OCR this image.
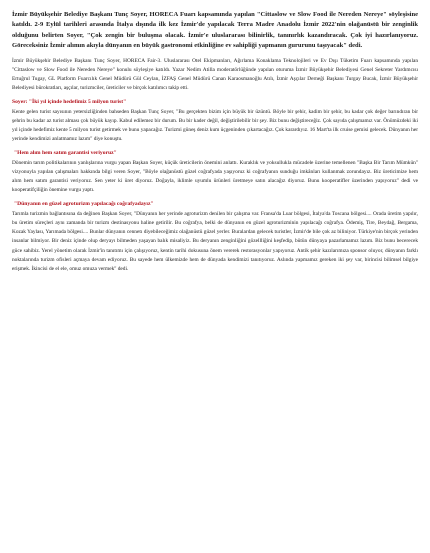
İzmir Büyükşehir Belediye Başkanı Tunç Soyer, HORECA Fuarı kapsamında yapılan "Cittaslow ve Slow Food ile Nereden Nereye" söyleşisine katıldı. 2-9 Eylül tarihleri arasında İtalya dışında ilk kez İzmir'de yapılacak Terra Madre Anadolu İzmir 2022'nin olağanüstü bir zenginlik olduğunu belirten Soyer, "Çok zengin bir buluşma olacak. İzmir'e uluslararası bilinirlik, tanınırlık kazandıracak. Çok iyi hazırlanıyoruz. Göreceksiniz İzmir alımın akıyla dünyanın en büyük gastronomi etkinliğine ev sahipliği yapmanın gururunu taşıyacak" dedi.

İzmir Büyükşehir Belediye Başkanı Tunç Soyer, HORECA Fair-3. Uluslararası Otel Ekipmanları, Ağırlama Konaklama Teknolojileri ve Ev Dışı Tüketim Fuarı kapsamında yapılan "Cittaslow ve Slow Food ile Nereden Nereye" konulu söyleşiye katıldı. Yazar Nedim Atilla moderatörlüğünde yapılan oturuma İzmir Büyükşehir Belediyesi Genel Sekreter Yardımcısı Ertuğrul Tugay, GL Platform Fuarcılık Genel Müdürü Gül Ceylan, İZFAŞ Genel Müdürü Canan Karaosmanoğlu Atılı, İzmir Aşçılar Derneği Başkanı Turgay Bucak, İzmir Büyükşehir Belediyesi bürokratları, aşçılar, turizmciler, üreticiler ve birçok katılımcı takip etti.

Soyer: "İki yıl içinde hedefimiz 5 milyon turist"

Kente gelen turist sayısının yetersizliğinden bahseden Başkan Tunç Soyer, "Bu gerçekten bizim için büyük bir üzüntü. Böyle bir şehir, kadim bir şehir, bu kadar çok değer barındıran bir şehrin bu kadar az turist alması çok büyük kayıp. Kabul edilemez bir durum. Bu bir kader değil, değiştirilebilir bir şey. Biz bunu değiştireceğiz. Çok sayıda çalışmamız var. Önümüzdeki iki yıl içinde hedefimiz kente 5 milyon turist getirmek ve bunu yapacağız. Turizmi güneş deniz kum üçgeninden çıkartacağız. Çok karardıyız. 16 Mart'ta ilk cruise gemisi gelecek. Dünyanın her yerinde kendimizi anlatmamız lazım" diye konuştu.

"Hem alım hem satım garantisi veriyoruz"

Dönemin tarım politikalarının yanlışlarına vurgu yapan Başkan Soyer, küçük üreticilerin önemini anlattı. Kuraklık ve yoksullukla mücadele üzerine temellenen "Başka Bir Tarım Mümkün" vizyonuyla yapılan çalışmaları hakkında bilgi veren Soyer, "Böyle olağanüstü güzel coğrafyada yaşıyoruz ki coğrafyanın sunduğu imkânları kullanmak zorundayız. Biz üreticimize hem alım hem satım garantisi veriyoruz. Sen yeter ki üret diyoruz. Doğayla, iklimle uyumlu ürünleri üretmeye satın alacağız diyoruz. Bunu kooperatifler üzerinden yapıyoruz" dedi ve kooperatifçiliğin önemine vurgu yaptı.

"Dünyanın en güzel agroturizm yapılacağı coğrafyadayız"

Tarımla turizmin bağlantısına da değinen Başkan Soyer, "Dünyanın her yerinde agroturizm denilen bir çalışma var. Fransa'da Luar bölgesi, İtalya'da Toscana bölgesi.... Orada üretim yapılır, bu üretim süreçleri aynı zamanda bir turizm destinasyonu haline getirilir. Bu coğrafya, belki de dünyanın en güzel agroturizminin yapılacağı coğrafya. Ödemiş, Tire, Beydağ, Bergama, Kozak Yaylası, Yarımada bölgesi.... Bunlar dünyanın cennetı diyebileceğimiz olağanüstü güzel yerler. Buralardan gelecek turistler, İzmir'de bile çok az biliniyor. Türkiye'nin birçok yerinden insanlar bilmiyor. Bir deniz içinde olup deryayı bilmeden yaşayan balık misaliyiz. Bu deryanın zenginliğini gözellliğini keşfedip, bütün dünyaya pazarlamamız lazım. Biz bunu becerecek güce sahibiz. Yerel yönetim olarak İzmir'in tanıtımı için çalışıyoruz, kentin tarihi dokusuna önem vererek restorasyonlar yapıyoruz. Antik şehir kazılarımıza sponsor oluyor, dünyanın farklı noktalarında turizm ofisleri açmaya devam ediyoruz. Bu sayede hem ülkemizde hem de dünyada kendimizi tanıtıyoruz. Aslında yapmamız gereken iki şey var, birincisi bilimsel bilgiye erişmek. İkincisi de el ele, omuz omuza vermek" dedi.
